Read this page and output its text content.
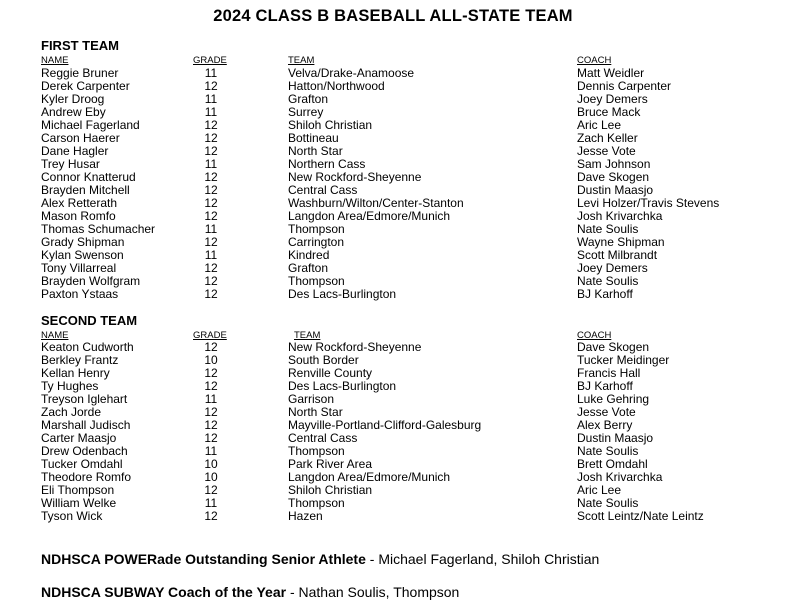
2024 CLASS B BASEBALL ALL-STATE TEAM
FIRST TEAM
NAME	GRADE	TEAM	COACH
Reggie Bruner	11	Velva/Drake-Anamoose	Matt Weidler
Derek Carpenter	12	Hatton/Northwood	Dennis Carpenter
Kyler Droog	11	Grafton	Joey Demers
Andrew Eby	11	Surrey	Bruce Mack
Michael Fagerland	12	Shiloh Christian	Aric Lee
Carson Haerer	12	Bottineau	Zach Keller
Dane Hagler	12	North Star	Jesse Vote
Trey Husar	11	Northern Cass	Sam Johnson
Connor Knatterud	12	New Rockford-Sheyenne	Dave Skogen
Brayden Mitchell	12	Central Cass	Dustin Maasjo
Alex Retterath	12	Washburn/Wilton/Center-Stanton	Levi Holzer/Travis Stevens
Mason Romfo	12	Langdon Area/Edmore/Munich	Josh Krivarchka
Thomas Schumacher	11	Thompson	Nate Soulis
Grady Shipman	12	Carrington	Wayne Shipman
Kylan Swenson	11	Kindred	Scott Milbrandt
Tony Villarreal	12	Grafton	Joey Demers
Brayden Wolfgram	12	Thompson	Nate Soulis
Paxton Ystaas	12	Des Lacs-Burlington	BJ Karhoff
SECOND TEAM
NAME	GRADE	TEAM	COACH
Keaton Cudworth	12	New Rockford-Sheyenne	Dave Skogen
Berkley Frantz	10	South Border	Tucker Meidinger
Kellan Henry	12	Renville County	Francis Hall
Ty Hughes	12	Des Lacs-Burlington	BJ Karhoff
Treyson Iglehart	11	Garrison	Luke Gehring
Zach Jorde	12	North Star	Jesse Vote
Marshall Judisch	12	Mayville-Portland-Clifford-Galesburg	Alex Berry
Carter Maasjo	12	Central Cass	Dustin Maasjo
Drew Odenbach	11	Thompson	Nate Soulis
Tucker Omdahl	10	Park River Area	Brett Omdahl
Theodore Romfo	10	Langdon Area/Edmore/Munich	Josh Krivarchka
Eli Thompson	12	Shiloh Christian	Aric Lee
William Welke	11	Thompson	Nate Soulis
Tyson Wick	12	Hazen	Scott Leintz/Nate Leintz
NDHSCA POWERade Outstanding Senior Athlete - Michael Fagerland, Shiloh Christian
NDHSCA SUBWAY Coach of the Year - Nathan Soulis, Thompson
